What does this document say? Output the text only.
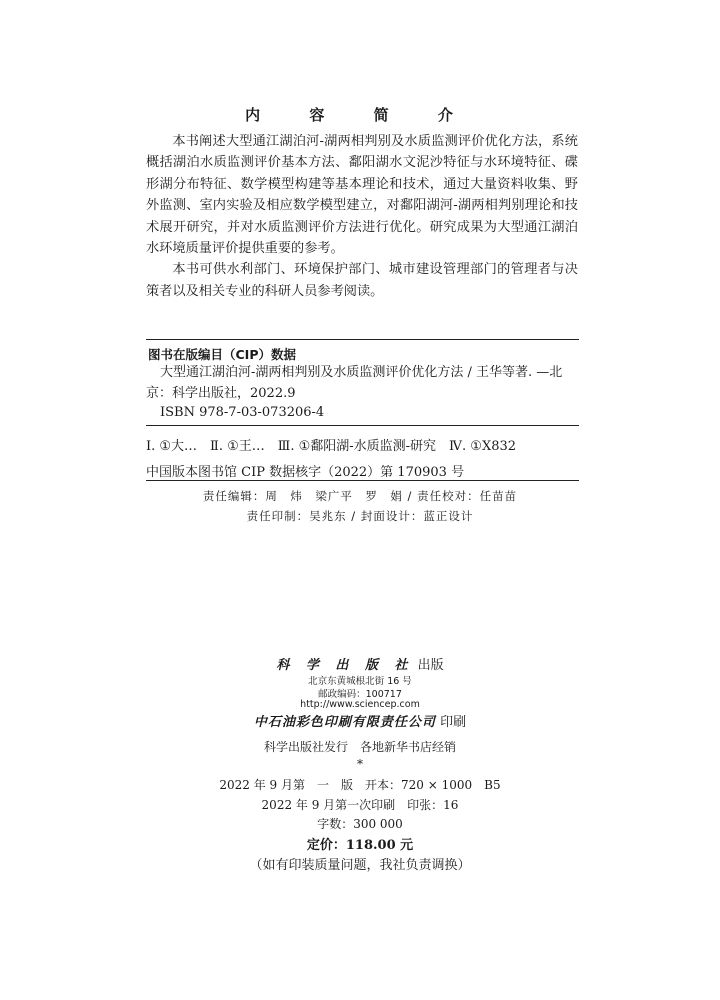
内 容 简 介

本书阐述大型通江湖泊河-湖两相判别及水质监测评价优化方法，系统概括湖泊水质监测评价基本方法、鄱阳湖水文泥沙特征与水环境特征、碟形湖分布特征、数学模型构建等基本理论和技术，通过大量资料收集、野外监测、室内实验及相应数学模型建立，对鄱阳湖河-湖两相判别理论和技术展开研究，并对水质监测评价方法进行优化。研究成果为大型通江湖泊水环境质量评价提供重要的参考。

本书可供水利部门、环境保护部门、城市建设管理部门的管理者与决策者以及相关专业的科研人员参考阅读。

图书在版编目（CIP）数据
大型通江湖泊河-湖两相判别及水质监测评价优化方法 / 王华等著. —北京：科学出版社，2022.9
ISBN 978-7-03-073206-4
Ⅰ. ①大…　Ⅱ. ①王…　Ⅲ. ①鄱阳湖-水质监测-研究　Ⅳ. ①X832
中国版本图书馆 CIP 数据核字（2022）第 170903 号
责任编辑：周　炜　梁广平　罗　娟 / 责任校对：任苗苗
责任印制：吴兆东 / 封面设计：蓝正设计
科 学 出 版 社 出版
北京东黄城根北街 16 号
邮政编码：100717
http://www.sciencep.com
中石油彩色印刷有限责任公司 印刷
科学出版社发行　各地新华书店经销
*
2022 年 9 月第　一　版　开本：720 × 1000　B5
2022 年 9 月第一次印刷　印张：16
字数：300 000
定价：118.00 元
（如有印装质量问题，我社负责调换）
